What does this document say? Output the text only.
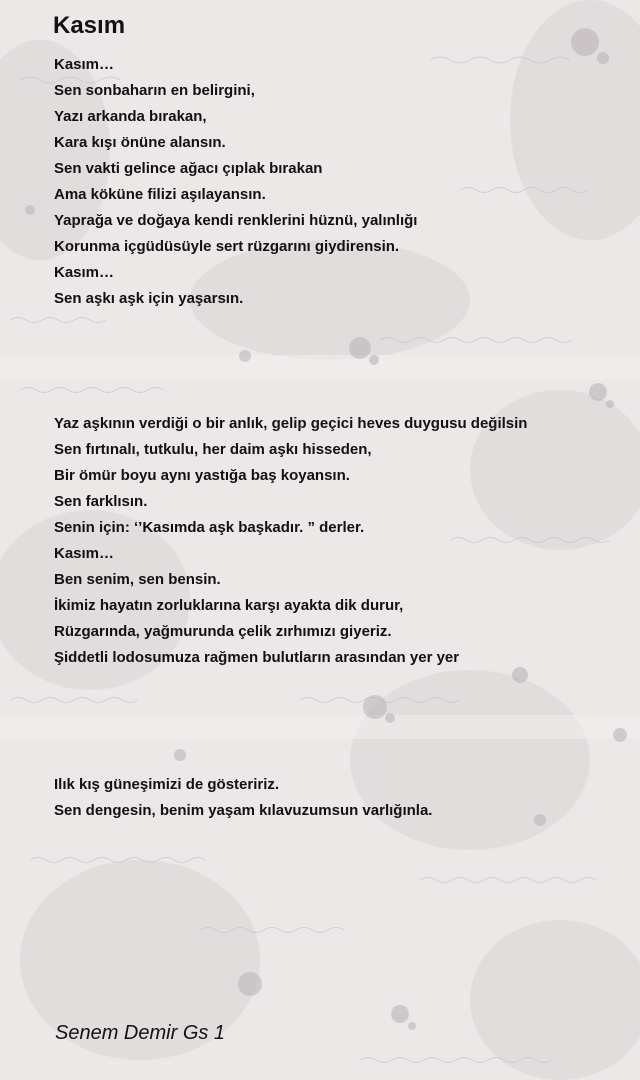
Kasım
Kasım…
Sen sonbaharın en belirgini,
Yazı arkanda bırakan,
Kara kışı önüne alansın.
Sen vakti gelince ağacı çıplak bırakan
Ama köküne filizi aşılayansın.
Yaprağa ve doğaya kendi renklerini hüznü, yalınlığı
Korunma içgüdüsüyle sert rüzgarını giydirensin.
Kasım…
Sen aşkı aşk için yaşarsın.
Yaz aşkının verdiği o bir anlık, gelip geçici heves duygusu değilsin
Sen fırtınalı, tutkulu, her daim aşkı hisseden,
Bir ömür boyu aynı yastığa baş koyansın.
Sen farklısın.
Senin için: ‘’Kasımda aşk başkadır. ” derler.
Kasım…
Ben senim, sen bensin.
İkimiz hayatın zorluklarına karşı ayakta dik durur,
Rüzgarında, yağmurunda çelik zırhımızı giyeriz.
Şiddetli lodosumuza rağmen bulutların arasından yer yer
Ilık kış güneşimizi de gösteririz.
Sen dengesin, benim yaşam kılavuzumsun varlığınla.

Senem Demir Gs 1
